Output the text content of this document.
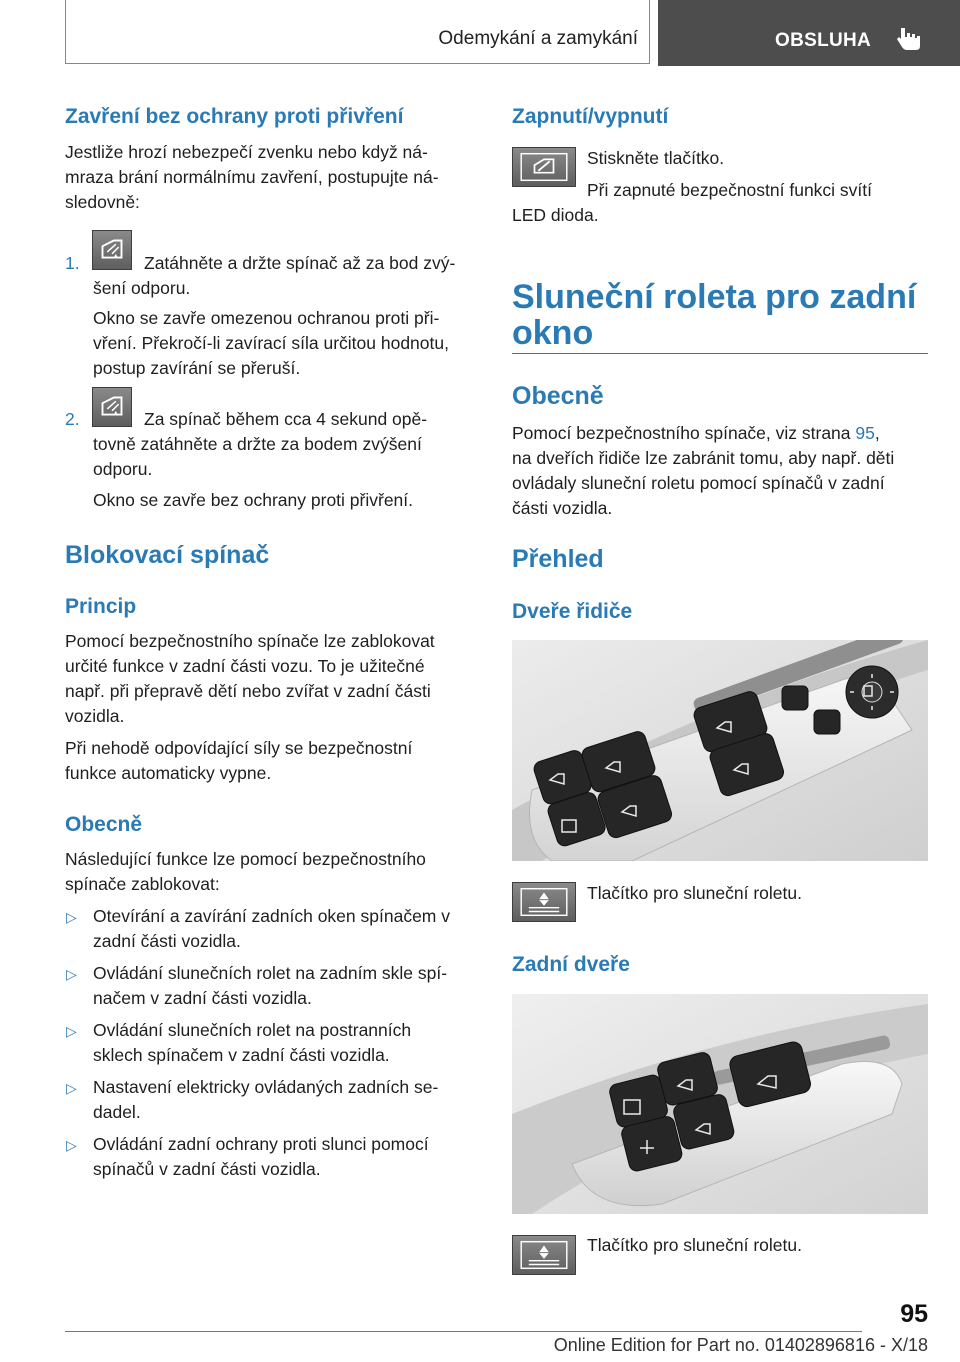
Odemykání a zamykání	OBSLUHA
Zavření bez ochrany proti přivření
Jestliže hrozí nebezpečí zvenku nebo když ná-
mraza brání normálnímu zavření, postupujte ná-
sledovně:
1.	Zatáhněte a držte spínač až za bod zvý-
šení odporu.
Okno se zavře omezenou ochranou proti při-
vření. Překročí-li zavírací síla určitou hodnotu,
postup zavírání se přeruší.
2.	Za spínač během cca 4 sekund opě-
tovně zatáhněte a držte za bodem zvýšení
odporu.
Okno se zavře bez ochrany proti přivření.
Blokovací spínač
Princip
Pomocí bezpečnostního spínače lze zablokovat
určité funkce v zadní části vozu. To je užitečné
např. při přepravě dětí nebo zvířat v zadní části
vozidla.
Při nehodě odpovídající síly se bezpečnostní
funkce automaticky vypne.
Obecně
Následující funkce lze pomocí bezpečnostního
spínače zablokovat:
▷ Otevírání a zavírání zadních oken spínačem v
zadní části vozidla.
▷ Ovládání slunečních rolet na zadním skle spí-
načem v zadní části vozidla.
▷ Ovládání slunečních rolet na postranních
sklech spínačem v zadní části vozidla.
▷ Nastavení elektricky ovládaných zadních se-
dadel.
▷ Ovládání zadní ochrany proti slunci pomocí
spínačů v zadní části vozidla.
Zapnutí/vypnutí
Stiskněte tlačítko.
Při zapnuté bezpečnostní funkci svítí
LED dioda.
Sluneční roleta pro zadní
okno
Obecně
Pomocí bezpečnostního spínače, viz strana 95,
na dveřích řidiče lze zabránit tomu, aby např. děti
ovládaly sluneční roletu pomocí spínačů v zadní
části vozidla.
Přehled
Dveře řidiče
Tlačítko pro sluneční roletu.
Zadní dveře
Tlačítko pro sluneční roletu.
95
Online Edition for Part no. 01402896816 - X/18
